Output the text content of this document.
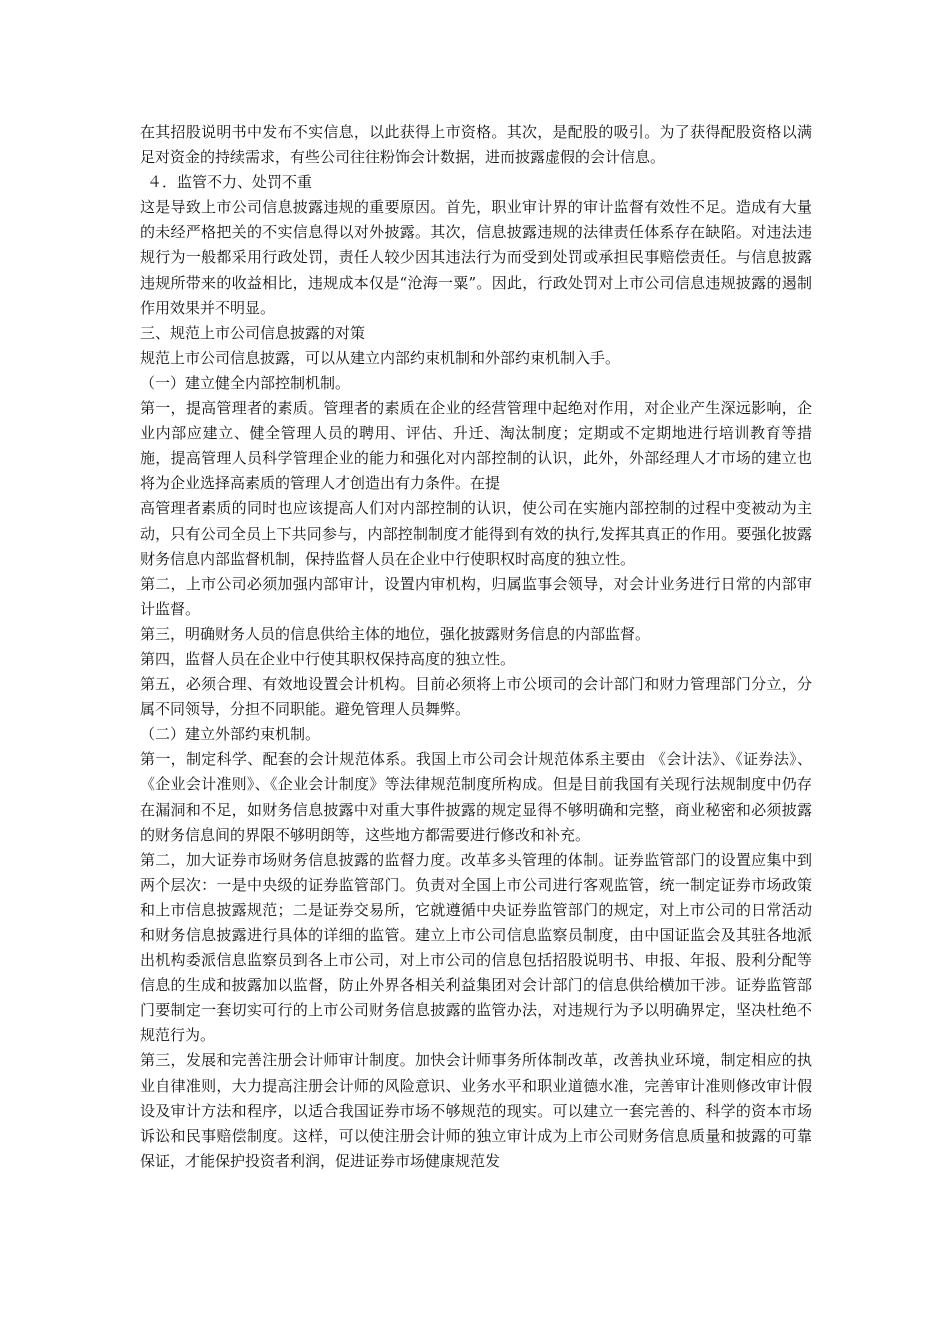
在其招股说明书中发布不实信息，以此获得上市资格。其次，是配股的吸引。为了获得配股资格以满足对资金的持续需求，有些公司往往粉饰会计数据，进而披露虚假的会计信息。

４．监管不力、处罚不重

这是导致上市公司信息披露违规的重要原因。首先，职业审计界的审计监督有效性不足。造成有大量的未经严格把关的不实信息得以对外披露。其次，信息披露违规的法律责任体系存在缺陷。对违法违规行为一般都采用行政处罚，责任人较少因其违法行为而受到处罚或承担民事赔偿责任。与信息披露违规所带来的收益相比，违规成本仅是“沧海一粟”。因此，行政处罚对上市公司信息违规披露的遏制作用效果并不明显。

三、规范上市公司信息披露的对策

规范上市公司信息披露，可以从建立内部约束机制和外部约束机制入手。

（一）建立健全内部控制机制。

第一，提高管理者的素质。管理者的素质在企业的经营管理中起绝对作用，对企业产生深远影响，企业内部应建立、健全管理人员的聘用、评估、升迁、淘汰制度；定期或不定期地进行培训教育等措施，提高管理人员科学管理企业的能力和强化对内部控制的认识，此外，外部经理人才市场的建立也将为企业选择高素质的管理人才创造出有力条件。在提

高管理者素质的同时也应该提高人们对内部控制的认识，使公司在实施内部控制的过程中变被动为主动，只有公司全员上下共同参与，内部控制制度才能得到有效的执行,发挥其真正的作用。要强化披露财务信息内部监督机制，保持监督人员在企业中行使职权时高度的独立性。

第二，上市公司必须加强内部审计，设置内审机构，归属监事会领导，对会计业务进行日常的内部审计监督。

第三，明确财务人员的信息供给主体的地位，强化披露财务信息的内部监督。

第四，监督人员在企业中行使其职权保持高度的独立性。

第五，必须合理、有效地设置会计机构。目前必须将上市公顷司的会计部门和财力管理部门分立，分属不同领导，分担不同职能。避免管理人员舞弊。

（二）建立外部约束机制。

第一，制定科学、配套的会计规范体系。我国上市公司会计规范体系主要由 《会计法》、《证券法》、《企业会计准则》、《企业会计制度》等法律规范制度所构成。但是目前我国有关现行法规制度中仍存在漏洞和不足，如财务信息披露中对重大事件披露的规定显得不够明确和完整，商业秘密和必须披露的财务信息间的界限不够明朗等，这些地方都需要进行修改和补充。

第二，加大证券市场财务信息披露的监督力度。改革多头管理的体制。证券监管部门的设置应集中到两个层次：一是中央级的证券监管部门。负责对全国上市公司进行客观监管，统一制定证券市场政策和上市信息披露规范；二是证券交易所，它就遵循中央证券监管部门的规定，对上市公司的日常活动和财务信息披露进行具体的详细的监管。建立上市公司信息监察员制度，由中国证监会及其驻各地派出机构委派信息监察员到各上市公司，对上市公司的信息包括招股说明书、申报、年报、股利分配等信息的生成和披露加以监督，防止外界各相关利益集团对会计部门的信息供给横加干涉。证券监管部门要制定一套切实可行的上市公司财务信息披露的监管办法，对违规行为予以明确界定，坚决杜绝不规范行为。

第三，发展和完善注册会计师审计制度。加快会计师事务所体制改革，改善执业环境，制定相应的执业自律准则，大力提高注册会计师的风险意识、业务水平和职业道德水准，完善审计准则修改审计假设及审计方法和程序，以适合我国证券市场不够规范的现实。可以建立一套完善的、科学的资本市场诉讼和民事赔偿制度。这样，可以使注册会计师的独立审计成为上市公司财务信息质量和披露的可靠保证，才能保护投资者利润，促进证券市场健康规范发
